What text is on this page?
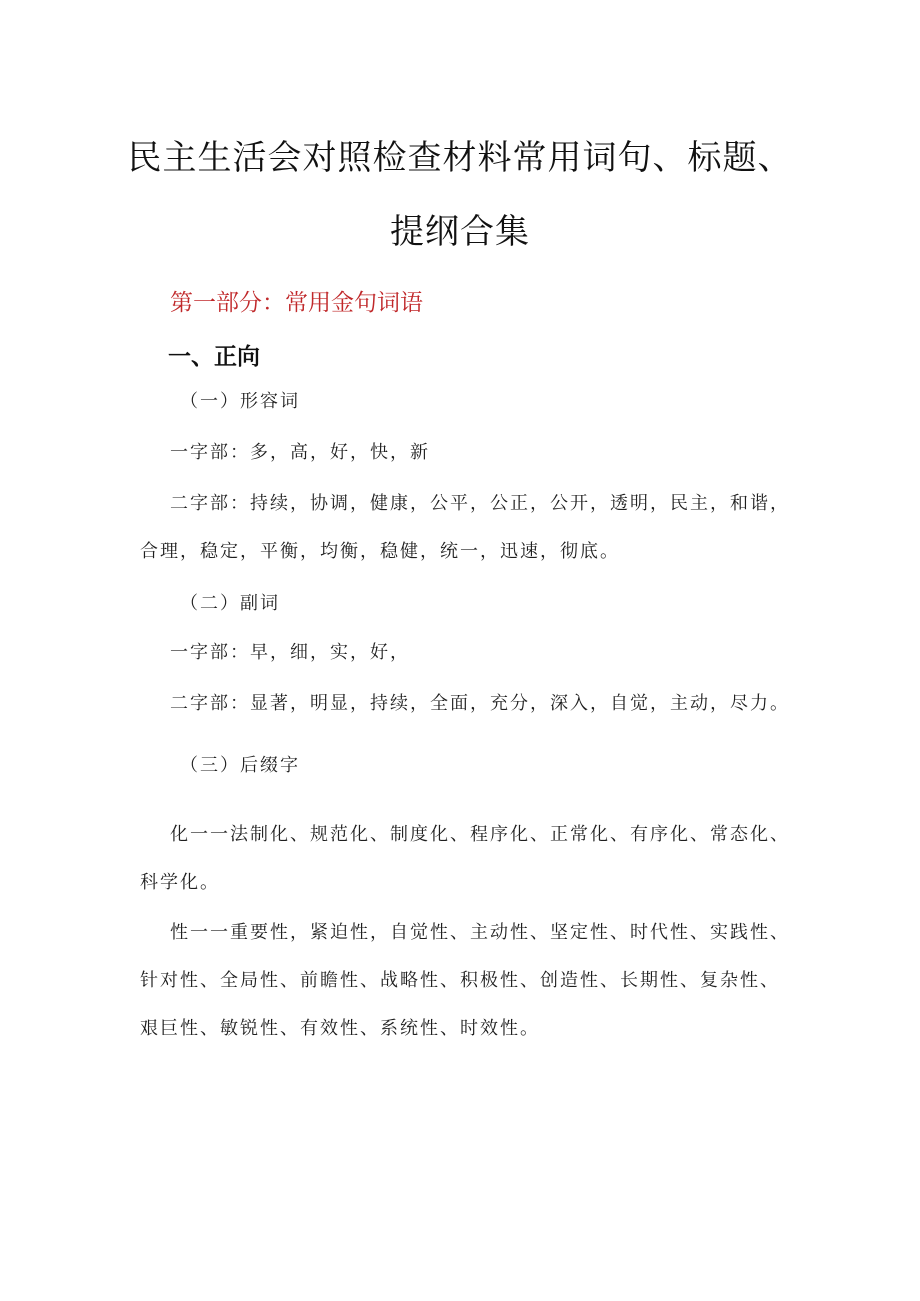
民主生活会对照检查材料常用词句、标题、
提纲合集
第一部分：常用金句词语
一、正向

（一）形容词

一字部：多，高，好，快，新

二字部：持续，协调，健康，公平，公正，公开，透明，民主，和谐，

合理，稳定，平衡，均衡，稳健，统一，迅速，彻底。

（二）副词

一字部：早，细，实，好，

二字部：显著，明显，持续，全面，充分，深入，自觉，主动，尽力。

（三）后缀字

化一一法制化、规范化、制度化、程序化、正常化、有序化、常态化、

科学化。

性一一重要性，紧迫性，自觉性、主动性、坚定性、时代性、实践性、

针对性、全局性、前瞻性、战略性、积极性、创造性、长期性、复杂性、

艰巨性、敏锐性、有效性、系统性、时效性。
